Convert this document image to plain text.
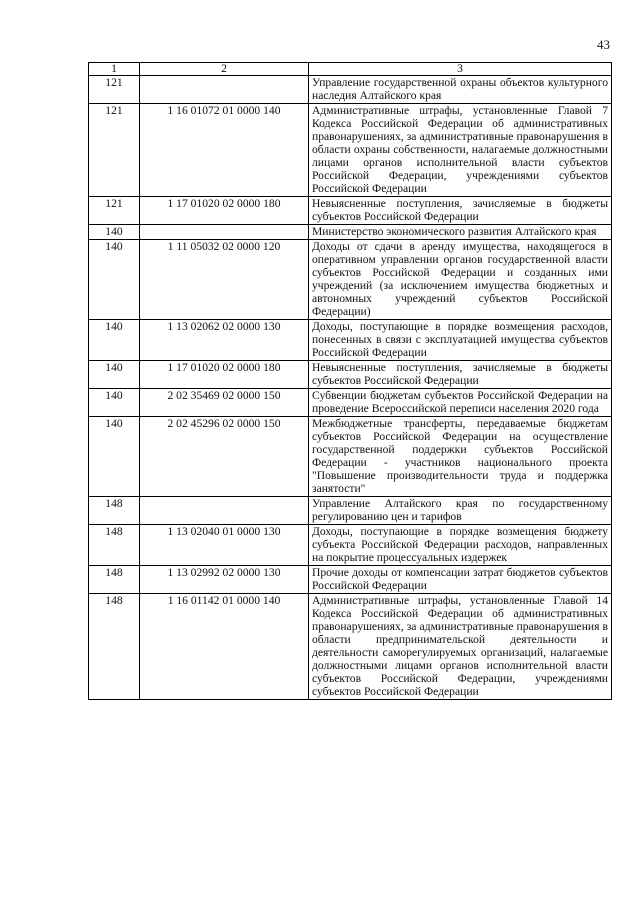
43
1	2	3
121		Управление государственной охраны объектов культурного наследия Алтайского края
121	1 16 01072 01 0000 140	Административные штрафы, установленные Главой 7 Кодекса Российской Федерации об административных правонарушениях, за административные правонарушения в области охраны собственности, налагаемые должностными лицами органов исполнительной власти субъектов Российской Федерации, учреждениями субъектов Российской Федерации
121	1 17 01020 02 0000 180	Невыясненные поступления, зачисляемые в бюджеты субъектов Российской Федерации
140		Министерство экономического развития Алтайского края
140	1 11 05032 02 0000 120	Доходы от сдачи в аренду имущества, находящегося в оперативном управлении органов государственной власти субъектов Российской Федерации и созданных ими учреждений (за исключением имущества бюджетных и автономных учреждений субъектов Российской Федерации)
140	1 13 02062 02 0000 130	Доходы, поступающие в порядке возмещения расходов, понесенных в связи с эксплуатацией имущества субъектов Российской Федерации
140	1 17 01020 02 0000 180	Невыясненные поступления, зачисляемые в бюджеты субъектов Российской Федерации
140	2 02 35469 02 0000 150	Субвенции бюджетам субъектов Российской Федерации на проведение Всероссийской переписи населения 2020 года
140	2 02 45296 02 0000 150	Межбюджетные трансферты, передаваемые бюджетам субъектов Российской Федерации на осуществление государственной поддержки субъектов Российской Федерации - участников национального проекта "Повышение производительности труда и поддержка занятости"
148		Управление Алтайского края по государственному регулированию цен и тарифов
148	1 13 02040 01 0000 130	Доходы, поступающие в порядке возмещения бюджету субъекта Российской Федерации расходов, направленных на покрытие процессуальных издержек
148	1 13 02992 02 0000 130	Прочие доходы от компенсации затрат бюджетов субъектов Российской Федерации
148	1 16 01142 01 0000 140	Административные штрафы, установленные Главой 14 Кодекса Российской Федерации об административных правонарушениях, за административные правонарушения в области предпринимательской деятельности и деятельности саморегулируемых организаций, налагаемые должностными лицами органов исполнительной власти субъектов Российской Федерации, учреждениями субъектов Российской Федерации
